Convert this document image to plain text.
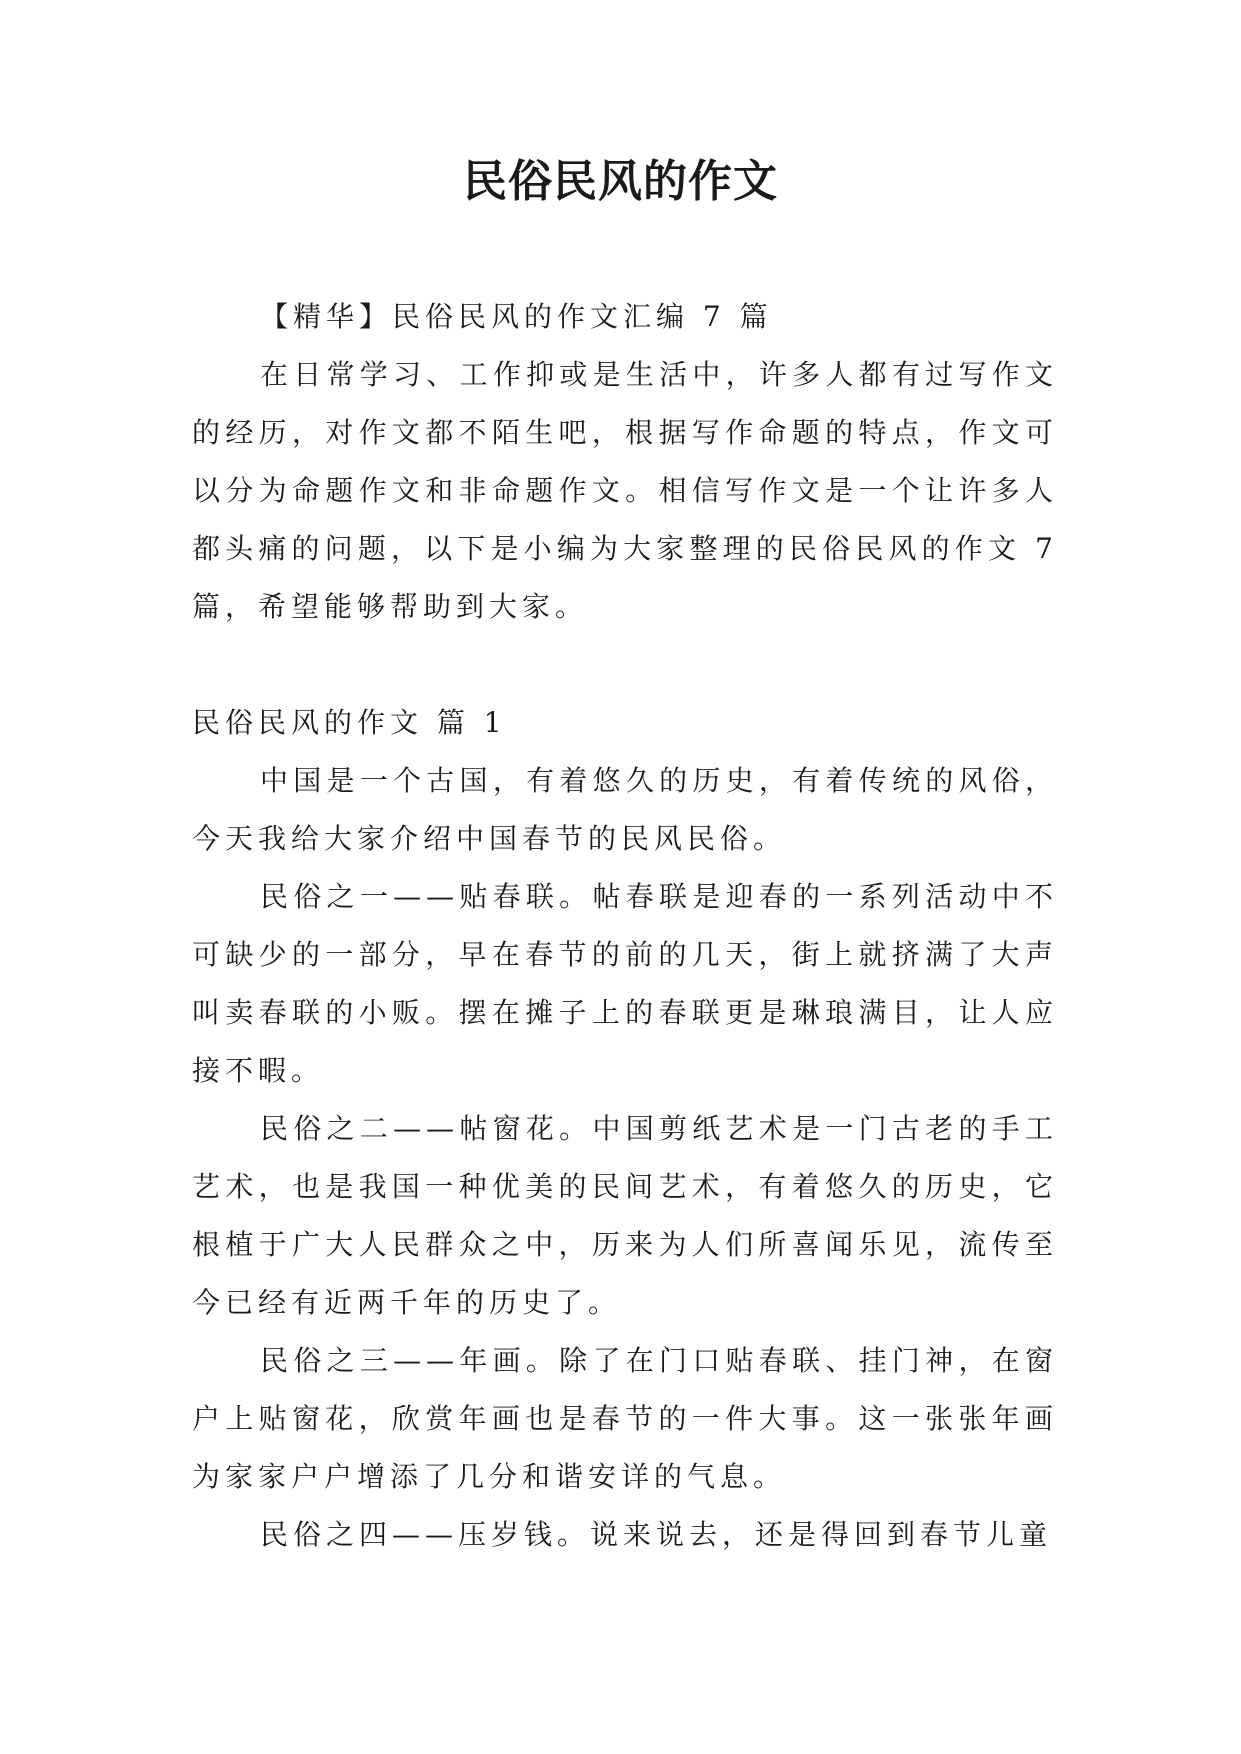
民俗民风的作文

【精华】民俗民风的作文汇编 7 篇

在日常学习、工作抑或是生活中，许多人都有过写作文的经历，对作文都不陌生吧，根据写作命题的特点，作文可以分为命题作文和非命题作文。相信写作文是一个让许多人都头痛的问题，以下是小编为大家整理的民俗民风的作文 7 篇，希望能够帮助到大家。

民俗民风的作文 篇 1

中国是一个古国，有着悠久的历史，有着传统的风俗，今天我给大家介绍中国春节的民风民俗。

民俗之一——贴春联。帖春联是迎春的一系列活动中不可缺少的一部分，早在春节的前的几天，街上就挤满了大声叫卖春联的小贩。摆在摊子上的春联更是琳琅满目，让人应接不暇。

民俗之二——帖窗花。中国剪纸艺术是一门古老的手工艺术，也是我国一种优美的民间艺术，有着悠久的历史，它根植于广大人民群众之中，历来为人们所喜闻乐见，流传至今已经有近两千年的历史了。

民俗之三——年画。除了在门口贴春联、挂门神，在窗户上贴窗花，欣赏年画也是春节的一件大事。这一张张年画为家家户户增添了几分和谐安详的气息。

民俗之四——压岁钱。说来说去，还是得回到春节儿童
